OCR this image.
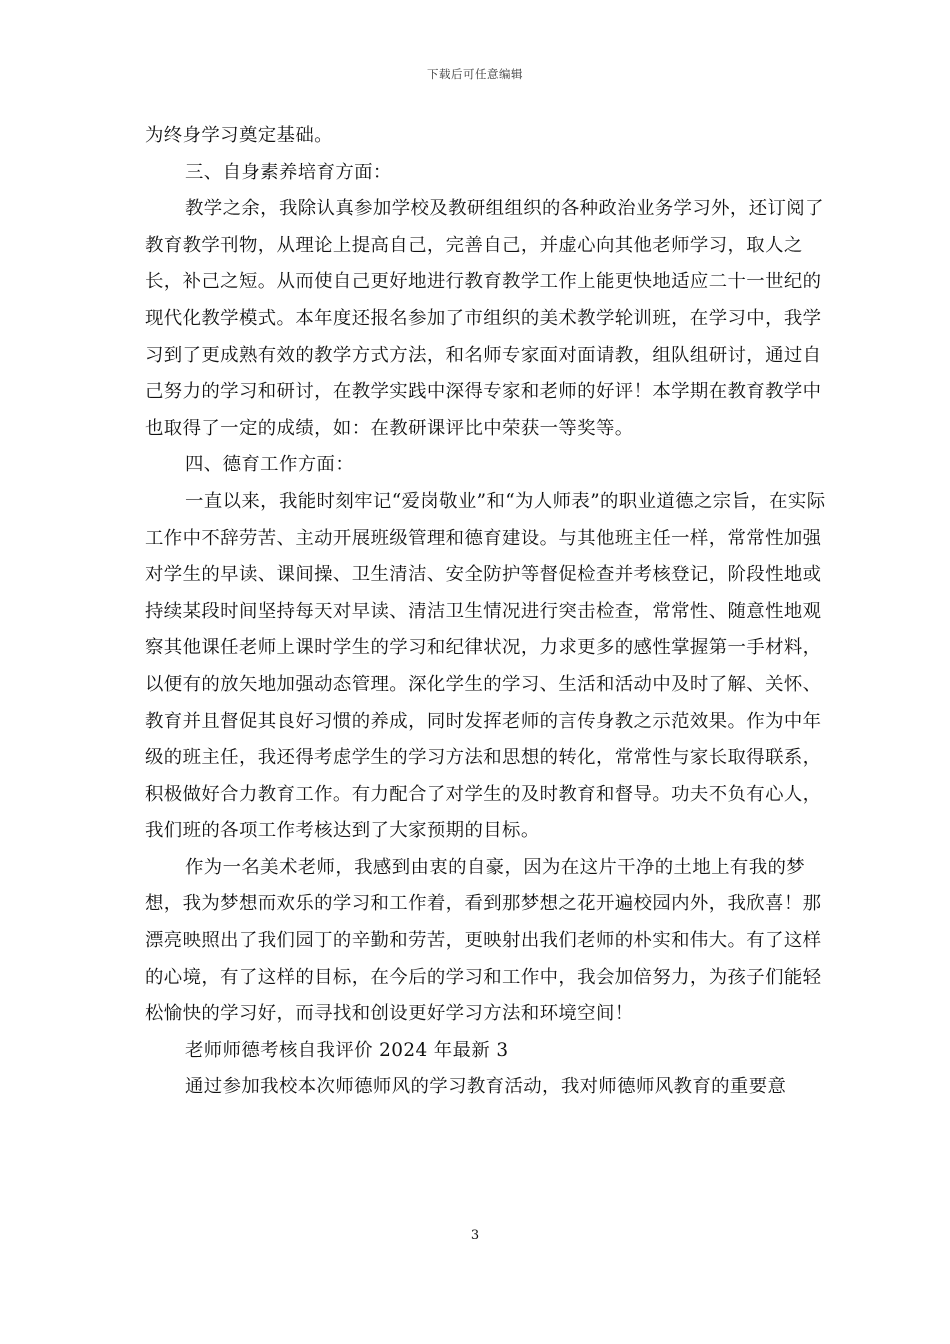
下载后可任意编辑

为终身学习奠定基础。

三、自身素养培育方面：

教学之余，我除认真参加学校及教研组组织的各种政治业务学习外，还订阅了教育教学刊物，从理论上提高自己，完善自己，并虚心向其他老师学习，取人之长，补己之短。从而使自己更好地进行教育教学工作上能更快地适应二十一世纪的现代化教学模式。本年度还报名参加了市组织的美术教学轮训班，在学习中，我学习到了更成熟有效的教学方式方法，和名师专家面对面请教，组队组研讨，通过自己努力的学习和研讨，在教学实践中深得专家和老师的好评！本学期在教育教学中也取得了一定的成绩，如：在教研课评比中荣获一等奖等。

四、德育工作方面：

一直以来，我能时刻牢记“爱岗敬业”和“为人师表”的职业道德之宗旨，在实际工作中不辞劳苦、主动开展班级管理和德育建设。与其他班主任一样，常常性加强对学生的早读、课间操、卫生清洁、安全防护等督促检查并考核登记，阶段性地或持续某段时间坚持每天对早读、清洁卫生情况进行突击检查，常常性、随意性地观察其他课任老师上课时学生的学习和纪律状况，力求更多的感性掌握第一手材料，以便有的放矢地加强动态管理。深化学生的学习、生活和活动中及时了解、关怀、教育并且督促其良好习惯的养成，同时发挥老师的言传身教之示范效果。作为中年级的班主任，我还得考虑学生的学习方法和思想的转化，常常性与家长取得联系，积极做好合力教育工作。有力配合了对学生的及时教育和督导。功夫不负有心人，我们班的各项工作考核达到了大家预期的目标。

作为一名美术老师，我感到由衷的自豪，因为在这片干净的土地上有我的梦想，我为梦想而欢乐的学习和工作着，看到那梦想之花开遍校园内外，我欣喜！那漂亮映照出了我们园丁的辛勤和劳苦，更映射出我们老师的朴实和伟大。有了这样的心境，有了这样的目标，在今后的学习和工作中，我会加倍努力，为孩子们能轻松愉快的学习好，而寻找和创设更好学习方法和环境空间！

老师师德考核自我评价 2024 年最新 3

通过参加我校本次师德师风的学习教育活动，我对师德师风教育的重要意

3
